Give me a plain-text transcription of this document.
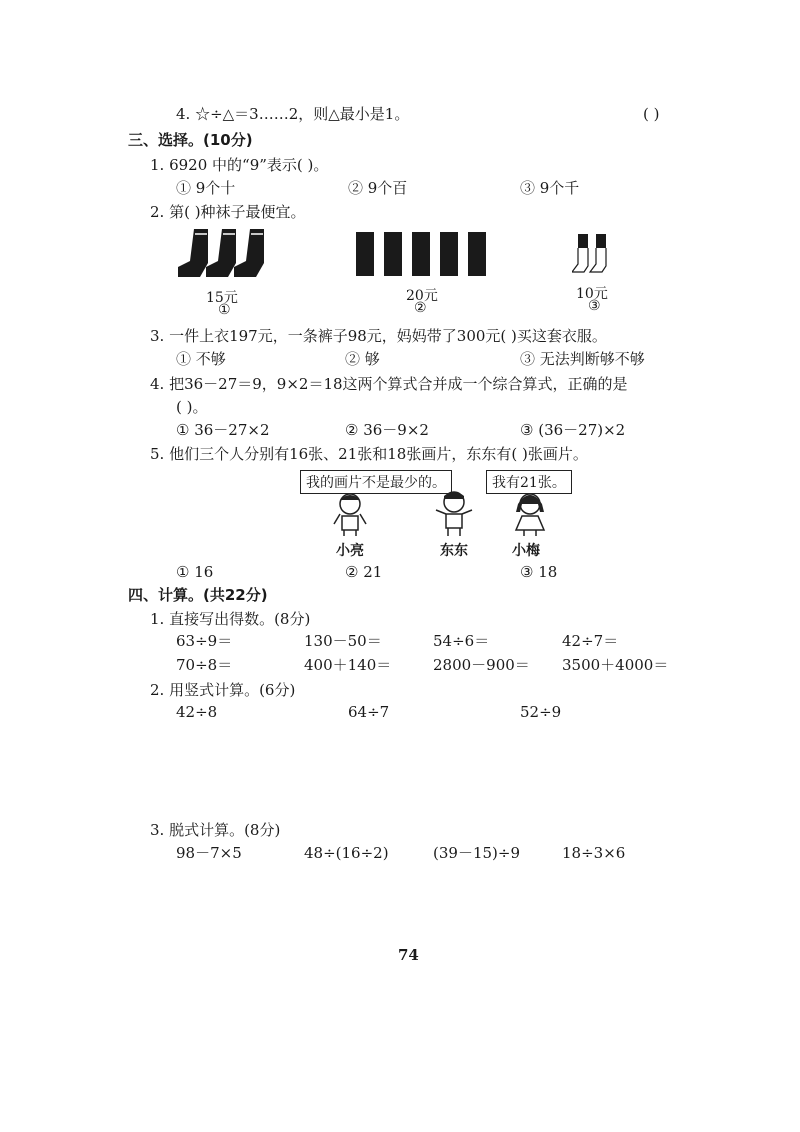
4. ☆÷△＝3……2，则△最小是1。	( )
三、选择。(10分)
1. 6920 中的“9”表示( )。
① 9个十	② 9个百	③ 9个千
2. 第( )种袜子最便宜。
15元
①
20元
②
10元
③
3. 一件上衣197元，一条裤子98元，妈妈带了300元( )买这套衣服。
① 不够	② 够	③ 无法判断够不够
4. 把36－27＝9，9×2＝18这两个算式合并成一个综合算式，正确的是
( )。
① 36－27×2	② 36－9×2	③ (36－27)×2
5. 他们三个人分别有16张、21张和18张画片，东东有( )张画片。
我的画片不是最少的。	我有21张。
小亮	东东	小梅
① 16	② 21	③ 18
四、计算。(共22分)
1. 直接写出得数。(8分)
63÷9＝	130－50＝	54÷6＝	42÷7＝
70÷8＝	400＋140＝	2800－900＝ 3500＋4000＝
2. 用竖式计算。(6分)
42÷8	64÷7	52÷9
3. 脱式计算。(8分)
98－7×5	48÷(16÷2)	(39－15)÷9	18÷3×6
74
